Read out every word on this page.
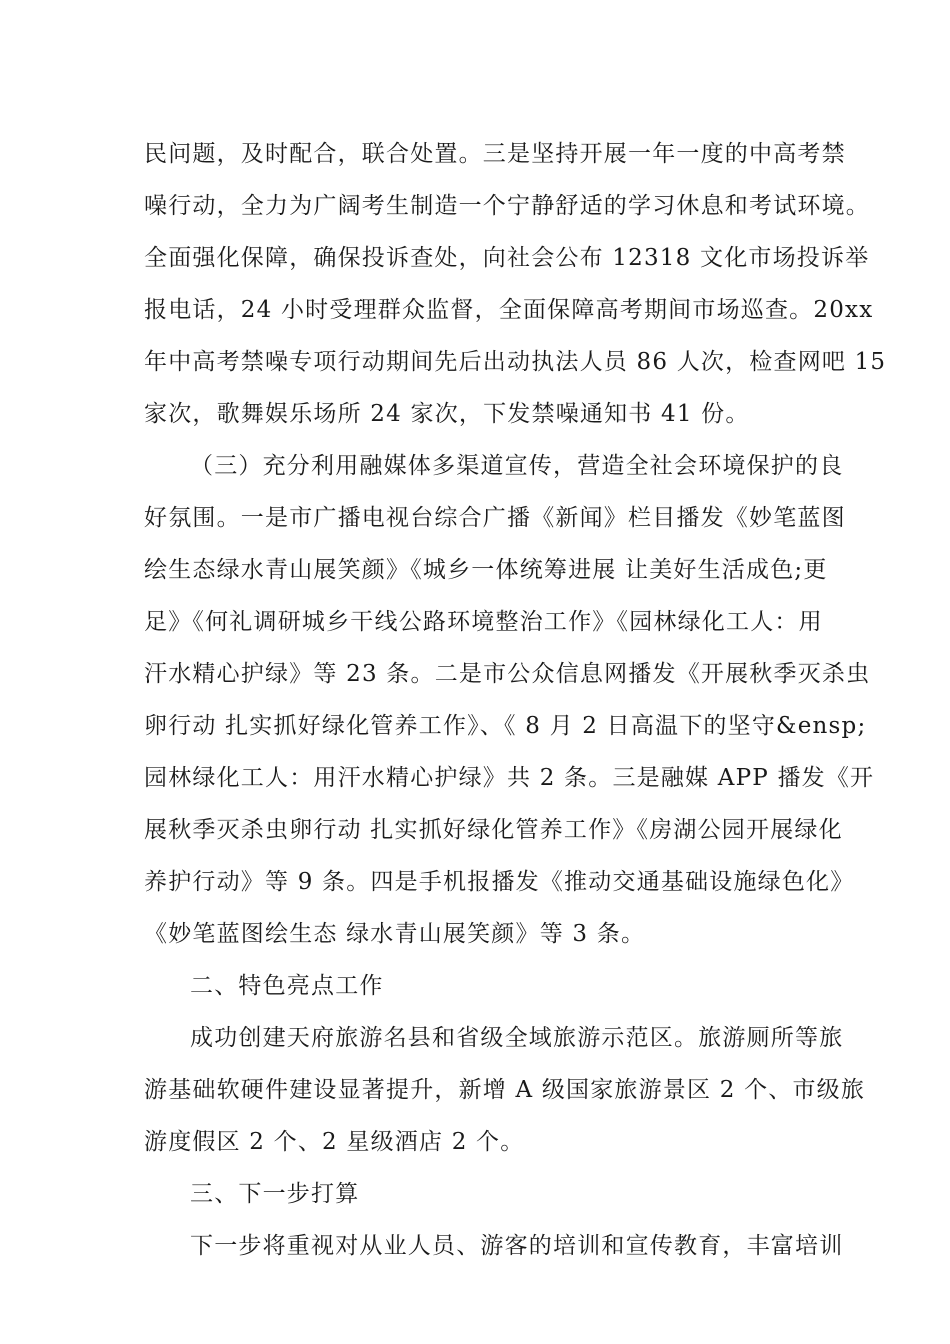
民问题，及时配合，联合处置。三是坚持开展一年一度的中高考禁
噪行动，全力为广阔考生制造一个宁静舒适的学习休息和考试环境。
全面强化保障，确保投诉查处，向社会公布 12318 文化市场投诉举
报电话，24 小时受理群众监督，全面保障高考期间市场巡查。20xx
年中高考禁噪专项行动期间先后出动执法人员 86 人次，检查网吧 15
家次，歌舞娱乐场所 24 家次，下发禁噪通知书 41 份。
（三）充分利用融媒体多渠道宣传，营造全社会环境保护的良
好氛围。一是市广播电视台综合广播《新闻》栏目播发《妙笔蓝图
绘生态绿水青山展笑颜》《城乡一体统筹进展 让美好生活成色;更
足》《何礼调研城乡干线公路环境整治工作》《园林绿化工人：用
汗水精心护绿》等 23 条。二是市公众信息网播发《开展秋季灭杀虫
卵行动 扎实抓好绿化管养工作》、《 8 月 2 日高温下的坚守&ensp;
园林绿化工人：用汗水精心护绿》共 2 条。三是融媒 APP 播发《开
展秋季灭杀虫卵行动 扎实抓好绿化管养工作》《房湖公园开展绿化
养护行动》等 9 条。四是手机报播发《推动交通基础设施绿色化》
《妙笔蓝图绘生态 绿水青山展笑颜》等 3 条。
二、特色亮点工作
成功创建天府旅游名县和省级全域旅游示范区。旅游厕所等旅
游基础软硬件建设显著提升，新增 A 级国家旅游景区 2 个、市级旅
游度假区 2 个、2 星级酒店 2 个。
三、下一步打算
下一步将重视对从业人员、游客的培训和宣传教育，丰富培训
